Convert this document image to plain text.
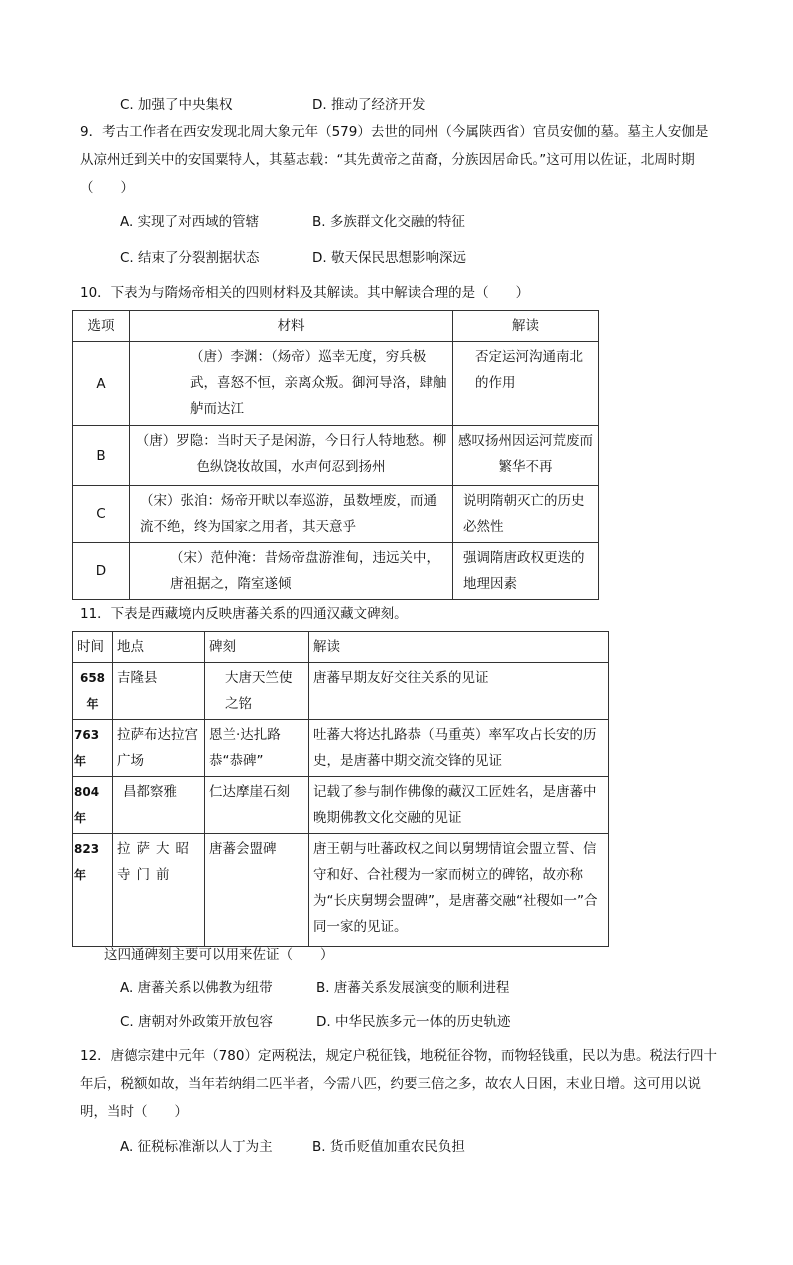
C. 加强了中央集权	D. 推动了经济开发
9．考古工作者在西安发现北周大象元年（579）去世的同州（今属陕西省）官员安伽的墓。墓主人安伽是从凉州迁到关中的安国粟特人，其墓志载：“其先黄帝之苗裔，分族因居命氏。”这可用以佐证，北周时期（　　）
A. 实现了对西域的管辖	B. 多族群文化交融的特征
C. 结束了分裂割据状态	D. 敬天保民思想影响深远
10．下表为与隋炀帝相关的四则材料及其解读。其中解读合理的是（　　）
选项	材料	解读
A	（唐）李渊：（炀帝）巡幸无度，穷兵极武，喜怒不恒，亲离众叛。御河导洛，肆舳舻而达江	否定运河沟通南北的作用
B	（唐）罗隐：当时天子是闲游，今日行人特地愁。柳色纵饶妆故国，水声何忍到扬州	感叹扬州因运河荒废而繁华不再
C	（宋）张洎：炀帝开畎以奉巡游，虽数堙废，而通流不绝，终为国家之用者，其天意乎	说明隋朝灭亡的历史必然性
D	（宋）范仲淹：昔炀帝盘游淮甸，违远关中，唐祖据之，隋室遂倾	强调隋唐政权更迭的地理因素
11．下表是西藏境内反映唐蕃关系的四通汉藏文碑刻。
时间	地点	碑刻	解读
658年	吉隆县	大唐天竺使之铭	唐蕃早期友好交往关系的见证
763年	拉萨布达拉宫广场	恩兰·达扎路恭“恭碑”	吐蕃大将达扎路恭（马重英）率军攻占长安的历史，是唐蕃中期交流交锋的见证
804年	昌都察雅	仁达摩崖石刻	记载了参与制作佛像的藏汉工匠姓名，是唐蕃中晚期佛教文化交融的见证
823年	拉萨大昭寺门前	唐蕃会盟碑	唐王朝与吐蕃政权之间以舅甥情谊会盟立誓、信守和好、合社稷为一家而树立的碑铭，故亦称为“长庆舅甥会盟碑”，是唐蕃交融“社稷如一”合同一家的见证。
这四通碑刻主要可以用来佐证（　　）
A. 唐蕃关系以佛教为纽带	B. 唐蕃关系发展演变的顺利进程
C. 唐朝对外政策开放包容	D. 中华民族多元一体的历史轨迹
12．唐德宗建中元年（780）定两税法，规定户税征钱，地税征谷物，而物轻钱重，民以为患。税法行四十年后，税额如故，当年若纳绢二匹半者，今需八匹，约要三倍之多，故农人日困，末业日增。这可用以说明，当时（　　）
A. 征税标准渐以人丁为主	B. 货币贬值加重农民负担
